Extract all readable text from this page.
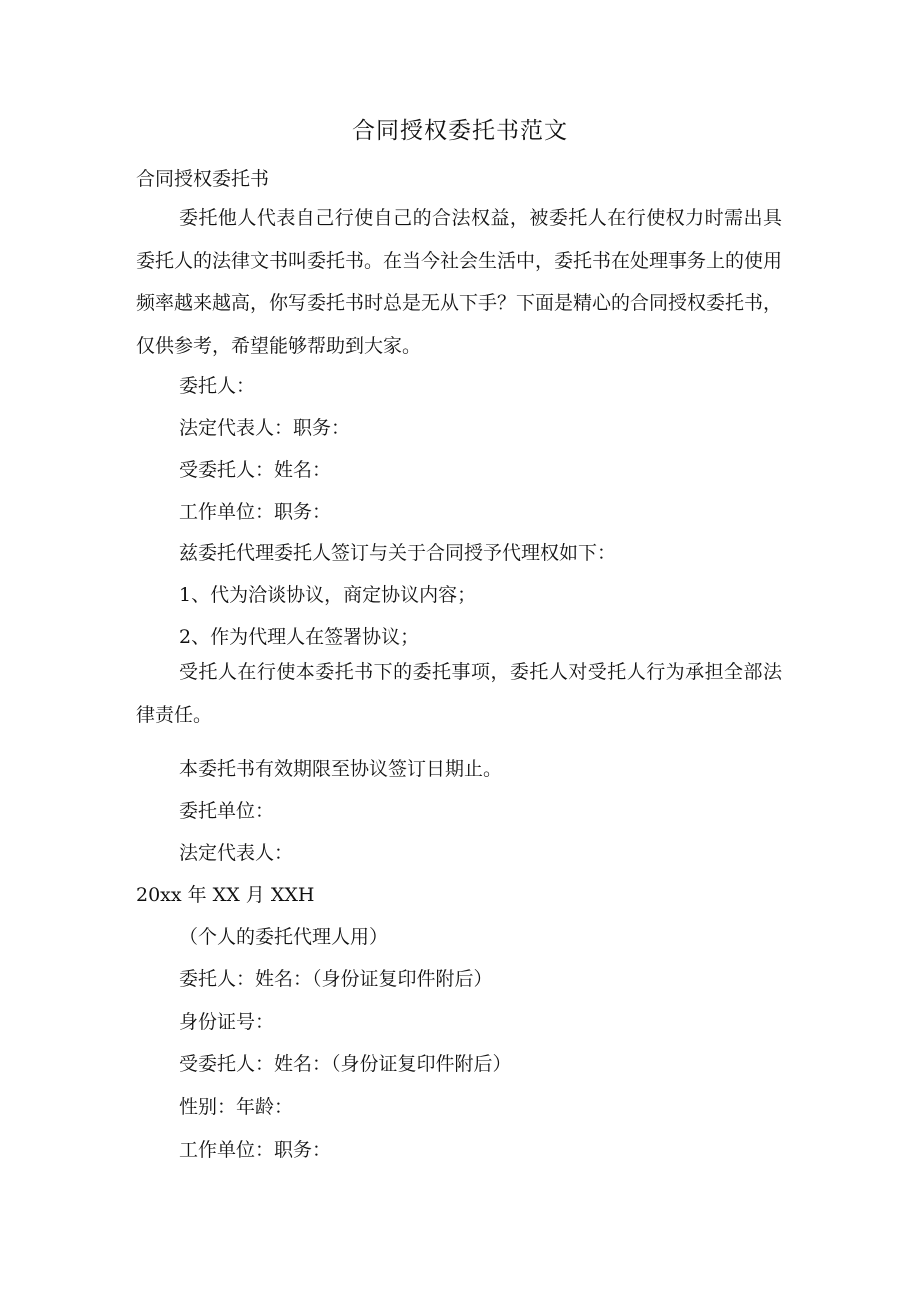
合同授权委托书范文

合同授权委托书

委托他人代表自己行使自己的合法权益，被委托人在行使权力时需出具委托人的法律文书叫委托书。在当今社会生活中，委托书在处理事务上的使用频率越来越高，你写委托书时总是无从下手？下面是精心的合同授权委托书，仅供参考，希望能够帮助到大家。

委托人：

法定代表人：职务：

受委托人：姓名：

工作单位：职务：

兹委托代理委托人签订与关于合同授予代理权如下：

1、代为洽谈协议，商定协议内容；

2、作为代理人在签署协议；

受托人在行使本委托书下的委托事项，委托人对受托人行为承担全部法律责任。

本委托书有效期限至协议签订日期止。

委托单位：

法定代表人：

20xx 年 XX 月 XXH

（个人的委托代理人用）

委托人：姓名：（身份证复印件附后）

身份证号：

受委托人：姓名：（身份证复印件附后）

性别：年龄：

工作单位：职务：
